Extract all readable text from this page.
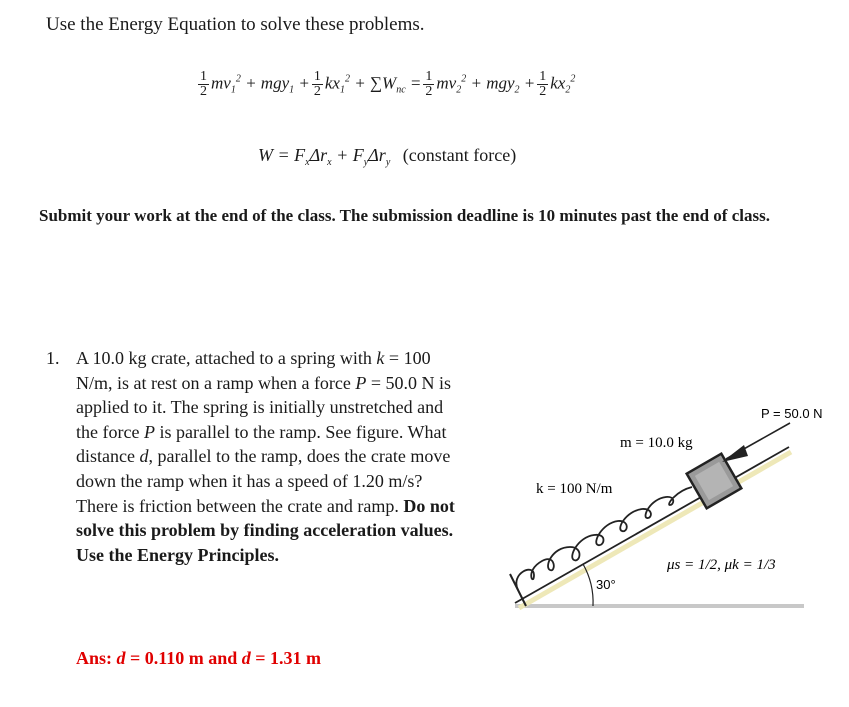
Use the Energy Equation to solve these problems.
$\frac{1}{2} mv_1^2 + mgy_1 + \frac{1}{2} kx_1^2 + \sum W_{nc} = \frac{1}{2} mv_2^2 + mgy_2 + \frac{1}{2} kx_2^2$
$W = F_x\Delta r_x + F_y\Delta r_y$ (constant force)
Submit your work at the end of the class. The submission deadline is 10 minutes past the end of class.
1. A 10.0 kg crate, attached to a spring with k = 100 N/m, is at rest on a ramp when a force P = 50.0 N is applied to it. The spring is initially unstretched and the force P is parallel to the ramp. See figure. What distance d, parallel to the ramp, does the crate move down the ramp when it has a speed of 1.20 m/s? There is friction between the crate and ramp. Do not solve this problem by finding acceleration values. Use the Energy Principles.
Ans: d = 0.110 m and d = 1.31 m
P = 50.0 N
m = 10.0 kg
k = 100 N/m
μs = 1/2, μk = 1/3
30°
